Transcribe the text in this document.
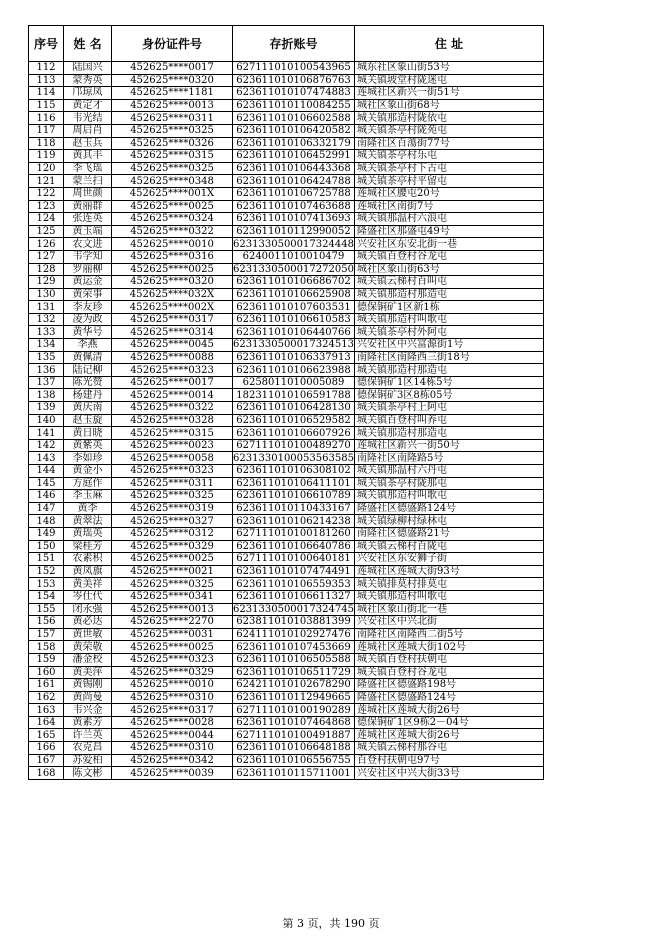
序号	姓 名	身份证件号	存折账号	住 址
112	陆国兴	452625****0017	627111010100543965	城东社区象山街53号
113	蒙秀英	452625****0320	623611010106876763	城关镇坡堂村陇迷屯
114	邝琼凤	452625****1181	623611010107474883	莲城社区新兴一街51号
115	黄定才	452625****0013	623611010110084255	城社区象山街68号
116	韦光结	452625****0311	623611010106602588	城关镇那造村陇依屯
117	周启肖	452625****0325	623611010106420582	城关镇茶亭村陇苑屯
118	赵玉兵	452625****0326	623611010106332179	南隆社区百蕩街77号
119	黄其丰	452625****0315	623611010106452991	城关镇茶亭村乐屯
120	李飞瑶	452625****0325	623611010106443368	城关镇茶亭村下古屯
121	蒙兰扫	452625****0348	623611010106424788	城关镇茶亭村平留屯
122	周世颜	452625****001X	623611010106725788	莲城社区腰屯20号
123	黄丽群	452625****0025	623611010107463688	莲城社区南街7号
124	张连英	452625****0324	623611010107413693	城关镇那温村六浪屯
125	黄玉端	452625****0322	623611010112990052	隆盛社区那盛屯49号
126	农文进	452625****0010	6231330500017324448	兴安社区东安北街一巷
127	韦学知	452625****0316	6240011010010479	城关镇百登村谷龙屯
128	罗丽柳	452625****0025	6231330500017272050	城社区象山街63号
129	黄运金	452625****0320	623611010106686702	城关镇云梯村百叫屯
130	黄荣事	452625****032X	623611010106625908	城关镇那造村那造屯
131	李友珍	452625****002X	623611010107603531	德保铜矿1区新1栋
132	凌为政	452625****0317	623611010106610583	城关镇那造村叫歌屯
133	黄华号	452625****0314	623611010106440766	城关镇茶亭村外阿屯
134	李燕	452625****0045	6231330500017324513	兴安社区中兴富源街1号
135	黄佩清	452625****0088	623611010106337913	南隆社区南隆西三街18号
136	陆记柳	452625****0323	623611010106623988	城关镇那造村那造屯
137	陈光赞	452625****0017	6258011010005089	德保铜矿1区14栋5号
138	杨建丹	452625****0014	182311010106591788	德保铜矿3区8栋05号
139	黄庆南	452625****0322	623611010106428130	城关镇茶亭村上阿屯
140	赵玉旋	452625****0328	623611010106529582	城关镇百登村叫养屯
141	黄日晓	452625****0315	623611010106607926	城关镇那造村那造屯
142	黄紫英	452625****0023	627111010100489270	莲城社区新兴一街50号
143	李如珍	452625****0058	6231330100053563585	南隆社区南隆路5号
144	黄金小	452625****0323	623611010106308102	城关镇那温村六丹屯
145	方庭作	452625****0311	623611010106411101	城关镇茶亭村陇那屯
146	李玉麻	452625****0325	623611010106610789	城关镇那造村叫歌屯
147	黄李	452625****0319	623611010110433167	隆盛社区德盛路124号
148	黄翠法	452625****0327	623611010106214238	城关镇绿柳村绿林屯
149	黄瑶英	452625****0312	627111010100181260	南隆社区德盛路21号
150	梁桂芳	452625****0329	623611010106640786	城关镇云梯村百陇屯
151	农素积	452625****0025	627111010100640181	兴安社区东安狮子街
152	黄凤旗	452625****0021	623611010107474491	莲城社区莲城大街93号
153	黄美祥	452625****0325	623611010106559353	城关镇排莫村排莫屯
154	岑仕代	452625****0341	623611010106611327	城关镇那造村叫歌屯
155	闭永强	452625****0013	6231330500017324745	城社区象山街北一巷
156	黄必达	452625****2270	623811010103881399	兴安社区中兴北街
157	黄世敏	452625****0031	624111010102927476	南隆社区南隆西二街5号
158	黄荣敬	452625****0025	623611010107453669	莲城社区莲城大街102号
159	潘金校	452625****0323	623611010106505588	城关镇百登村扶朝屯
160	黄美萍	452625****0329	623611010106511729	城关镇百登村谷龙屯
161	黄锡刚	452625****0010	624211010102678290	隆盛社区德盛路198号
162	黄尚曼	452625****0310	623611010112949665	隆盛社区德盛路124号
163	韦兴金	452625****0317	627111010100190289	莲城社区莲城大街26号
164	黄素芳	452625****0028	623611010107464868	德保铜矿1区9栋2－04号
165	许兰英	452625****0044	627111010100491887	莲城社区莲城大街26号
166	农克昌	452625****0310	623611010106648188	城关镇云梯村那谷屯
167	苏爱柏	452625****0342	623611010106556755	百登村扶朝屯97号
168	陈文彬	452625****0039	623611010115711001	兴安社区中兴大街33号
第 3 页，共 190 页
